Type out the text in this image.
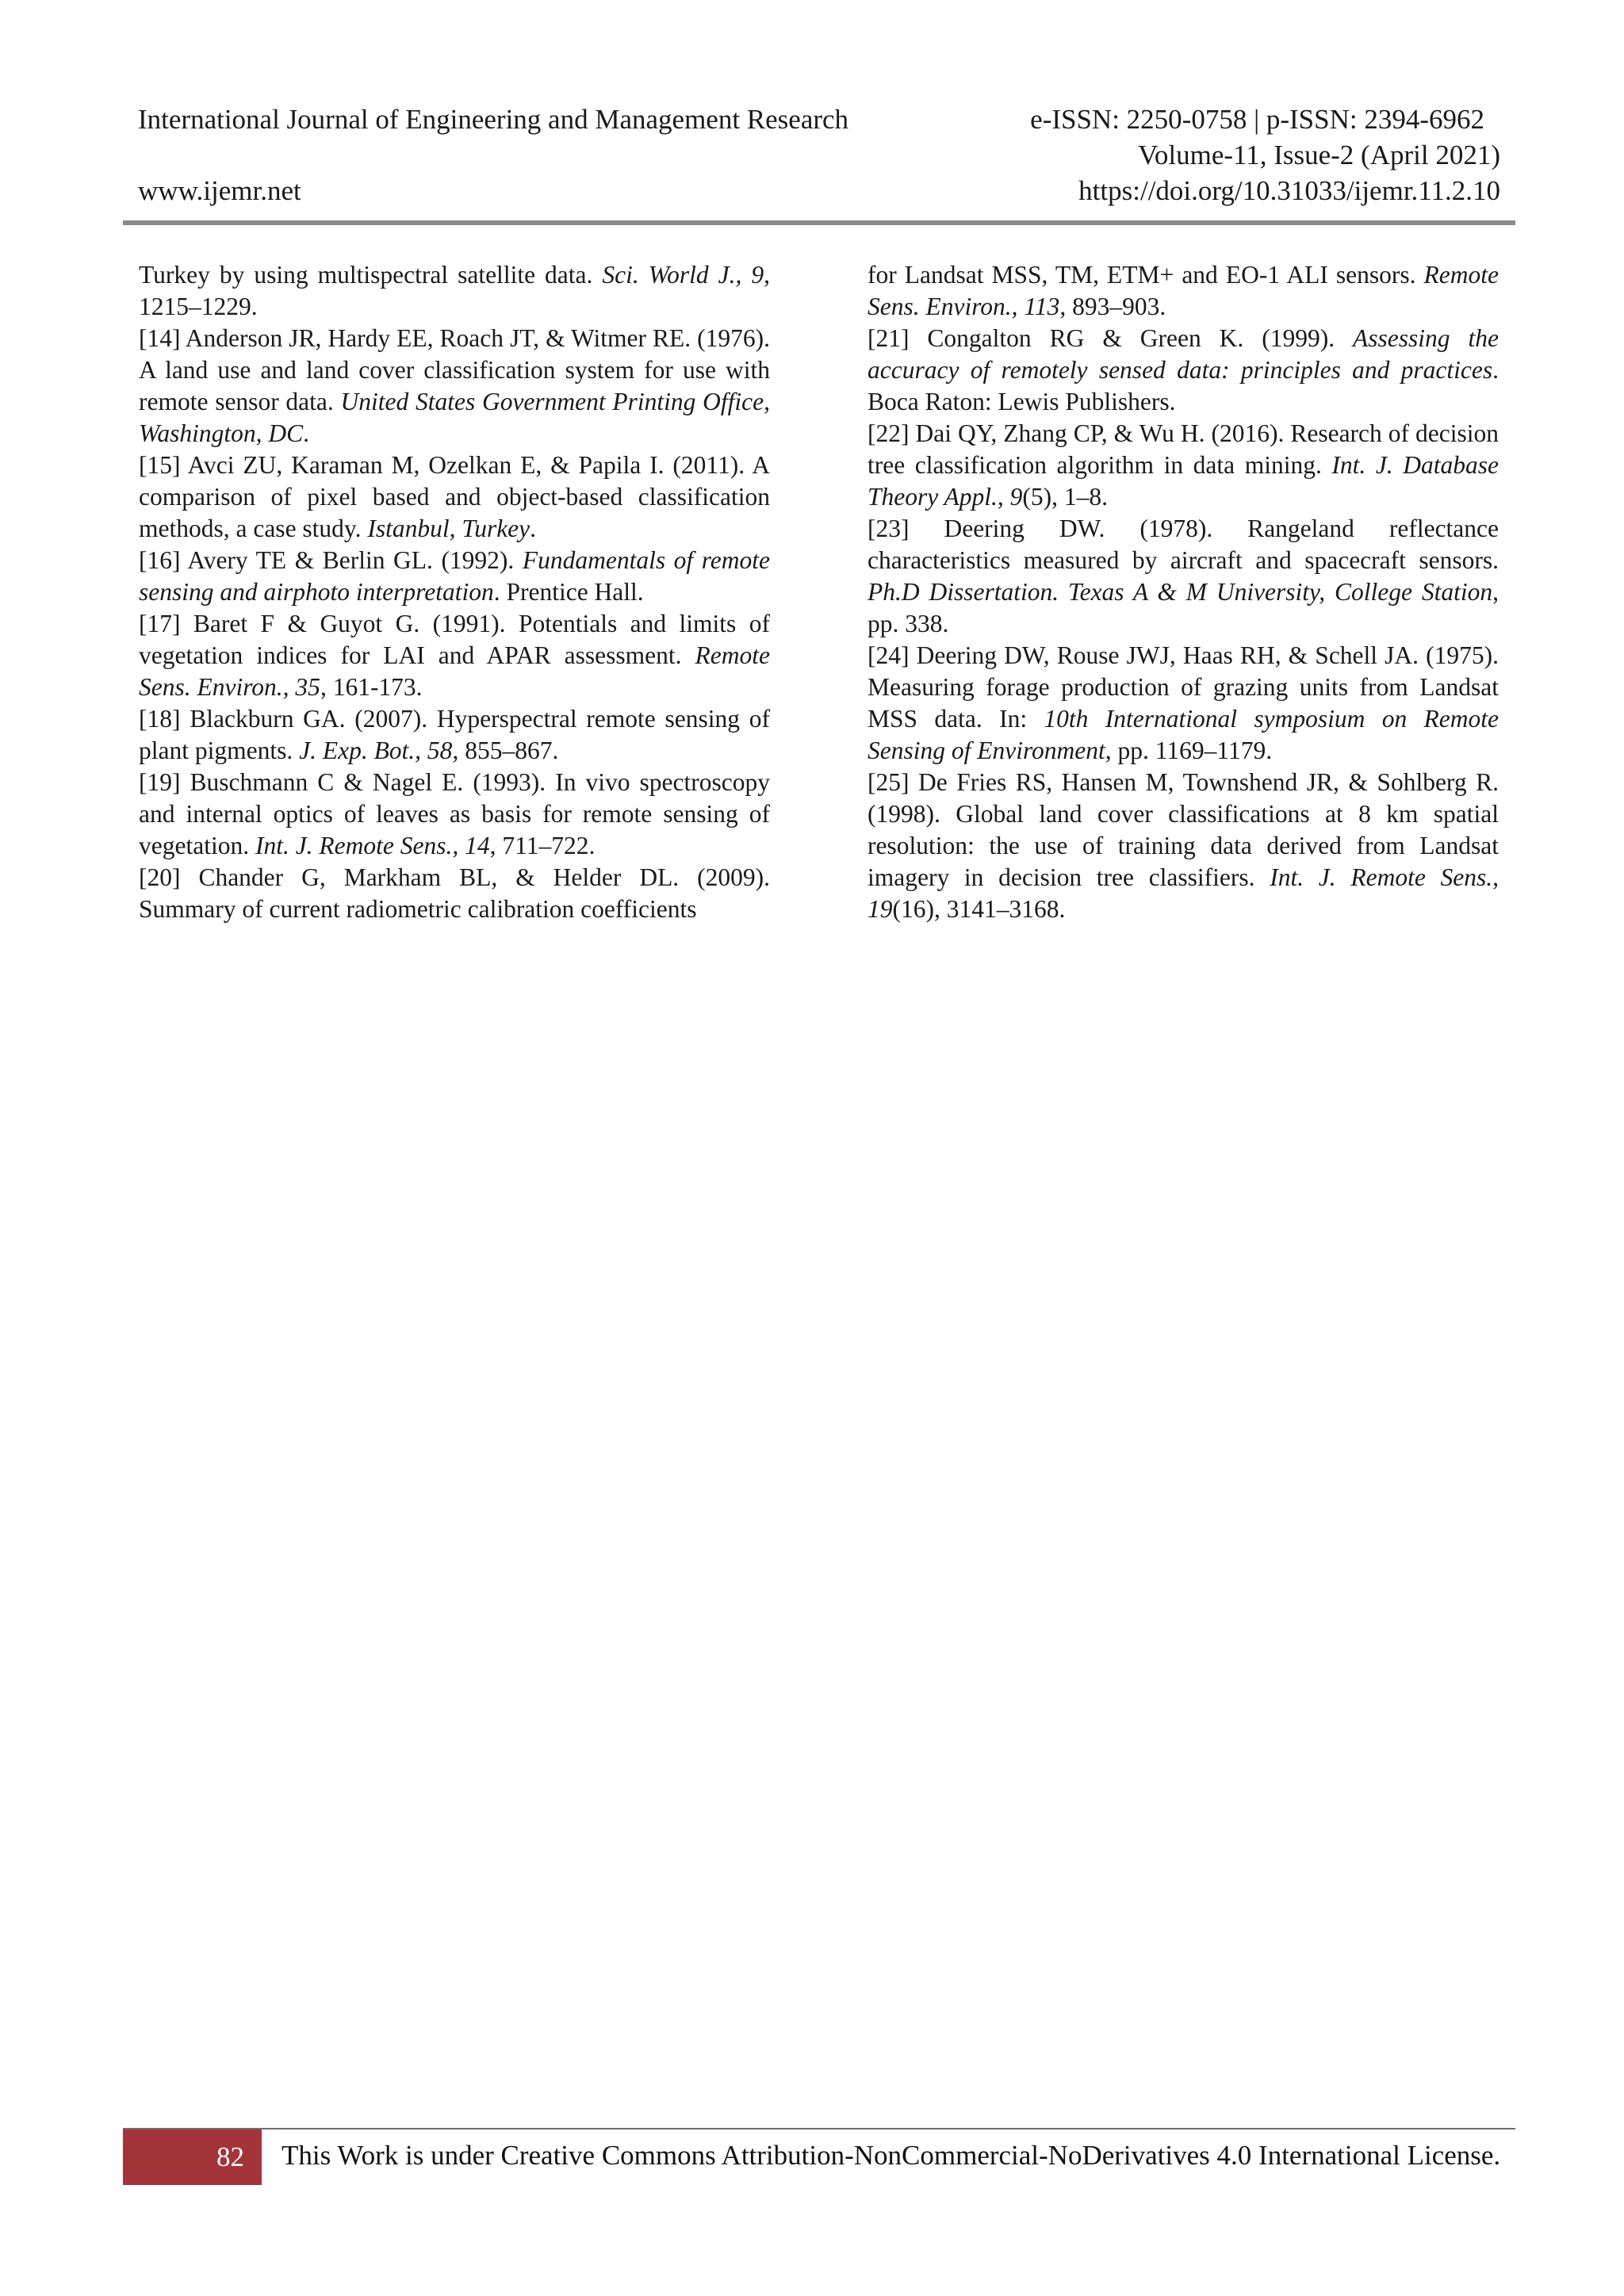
International Journal of Engineering and Management Research	e-ISSN: 2250-0758 | p-ISSN: 2394-6962
Volume-11, Issue-2 (April 2021)
www.ijemr.net	https://doi.org/10.31033/ijemr.11.2.10

Turkey by using multispectral satellite data. Sci. World J., 9, 1215–1229.

[14] Anderson JR, Hardy EE, Roach JT, & Witmer RE. (1976). A land use and land cover classification system for use with remote sensor data. United States Government Printing Office, Washington, DC.

[15] Avci ZU, Karaman M, Ozelkan E, & Papila I. (2011). A comparison of pixel based and object-based classification methods, a case study. Istanbul, Turkey.

[16] Avery TE & Berlin GL. (1992). Fundamentals of remote sensing and airphoto interpretation. Prentice Hall.

[17] Baret F & Guyot G. (1991). Potentials and limits of vegetation indices for LAI and APAR assessment. Remote Sens. Environ., 35, 161-173.

[18] Blackburn GA. (2007). Hyperspectral remote sensing of plant pigments. J. Exp. Bot., 58, 855–867.

[19] Buschmann C & Nagel E. (1993). In vivo spectroscopy and internal optics of leaves as basis for remote sensing of vegetation. Int. J. Remote Sens., 14, 711–722.

[20] Chander G, Markham BL, & Helder DL. (2009). Summary of current radiometric calibration coefficients

for Landsat MSS, TM, ETM+ and EO-1 ALI sensors. Remote Sens. Environ., 113, 893–903.

[21] Congalton RG & Green K. (1999). Assessing the accuracy of remotely sensed data: principles and practices. Boca Raton: Lewis Publishers.

[22] Dai QY, Zhang CP, & Wu H. (2016). Research of decision tree classification algorithm in data mining. Int. J. Database Theory Appl., 9(5), 1–8.

[23] Deering DW. (1978). Rangeland reflectance characteristics measured by aircraft and spacecraft sensors. Ph.D Dissertation. Texas A & M University, College Station, pp. 338.

[24] Deering DW, Rouse JWJ, Haas RH, & Schell JA. (1975). Measuring forage production of grazing units from Landsat MSS data. In: 10th International symposium on Remote Sensing of Environment, pp. 1169–1179.

[25] De Fries RS, Hansen M, Townshend JR, & Sohlberg R. (1998). Global land cover classifications at 8 km spatial resolution: the use of training data derived from Landsat imagery in decision tree classifiers. Int. J. Remote Sens., 19(16), 3141–3168.

82 This Work is under Creative Commons Attribution-NonCommercial-NoDerivatives 4.0 International License.
